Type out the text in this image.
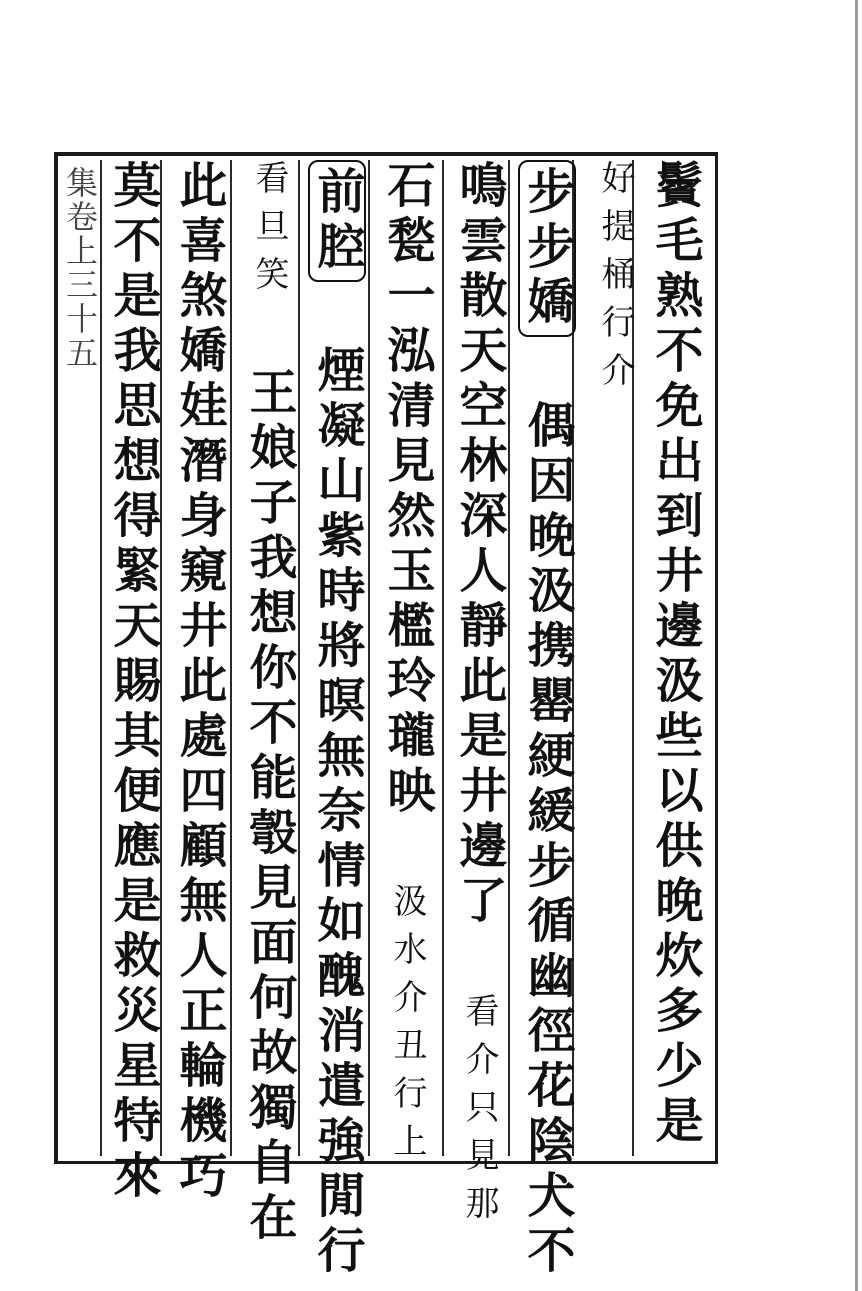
集卷上三十五	鬢毛熟不免出到井邊汲些以供晚炊多少是
好提桶行介
步步嬌 偶因晚汲携罌綆緩步循幽徑花陰犬不
鳴雲散天空林深人靜此是井邊了 看介只見那
石甃一泓清見然玉檻玲瓏映 汲水介丑行上
前腔 煙凝山紫時將暝無奈情如醜消遣強閒行
看旦笑 王娘子我想你不能彀見面何故獨自在
此喜煞嬌娃潛身窺井此處四顧無人正輪機巧
莫不是我思想得緊天賜其便應是救災星特來
